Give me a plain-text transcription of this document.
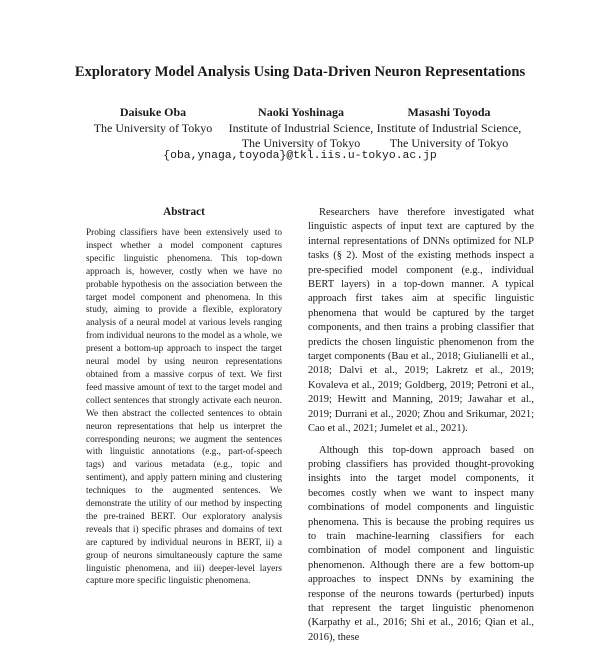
Exploratory Model Analysis Using Data-Driven Neuron Representations
Daisuke Oba
The University of Tokyo
Naoki Yoshinaga
Institute of Industrial Science,
The University of Tokyo
Masashi Toyoda
Institute of Industrial Science,
The University of Tokyo
{oba,ynaga,toyoda}@tkl.iis.u-tokyo.ac.jp
Abstract

Probing classifiers have been extensively used to inspect whether a model component captures specific linguistic phenomena. This top-down approach is, however, costly when we have no probable hypothesis on the association between the target model component and phenomena. In this study, aiming to provide a flexible, exploratory analysis of a neural model at various levels ranging from individual neurons to the model as a whole, we present a bottom-up approach to inspect the target neural model by using neuron representations obtained from a massive corpus of text. We first feed massive amount of text to the target model and collect sentences that strongly activate each neuron. We then abstract the collected sentences to obtain neuron representations that help us interpret the corresponding neurons; we augment the sentences with linguistic annotations (e.g., part-of-speech tags) and various metadata (e.g., topic and sentiment), and apply pattern mining and clustering techniques to the augmented sentences. We demonstrate the utility of our method by inspecting the pre-trained BERT. Our exploratory analysis reveals that i) specific phrases and domains of text are captured by individual neurons in BERT, ii) a group of neurons simultaneously capture the same linguistic phenomena, and iii) deeper-level layers capture more specific linguistic phenomena.

Researchers have therefore investigated what linguistic aspects of input text are captured by the internal representations of DNNs optimized for NLP tasks (§ 2). Most of the existing methods inspect a pre-specified model component (e.g., individual BERT layers) in a top-down manner. A typical approach first takes aim at specific linguistic phenomena that would be captured by the target components, and then trains a probing classifier that predicts the chosen linguistic phenomenon from the target components (Bau et al., 2018; Giulianelli et al., 2018; Dalvi et al., 2019; Lakretz et al., 2019; Kovaleva et al., 2019; Goldberg, 2019; Petroni et al., 2019; Hewitt and Manning, 2019; Jawahar et al., 2019; Durrani et al., 2020; Zhou and Srikumar, 2021; Cao et al., 2021; Jumelet et al., 2021).

Although this top-down approach based on probing classifiers has provided thought-provoking insights into the target model components, it becomes costly when we want to inspect many combinations of model components and linguistic phenomena. This is because the probing requires us to train machine-learning classifiers for each combination of model component and linguistic phenomenon. Although there are a few bottom-up approaches to inspect DNNs by examining the response of the neurons towards (perturbed) inputs that represent the target linguistic phenomenon (Karpathy et al., 2016; Shi et al., 2016; Qian et al., 2016), these
